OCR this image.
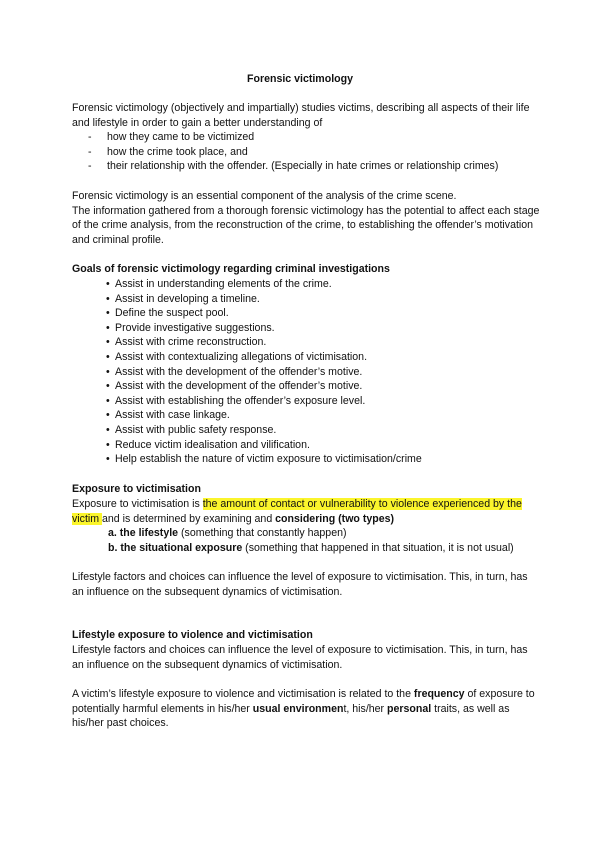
Forensic victimology

Forensic victimology (objectively and impartially) studies victims, describing all aspects of their life and lifestyle in order to gain a better understanding of

- how they came to be victimized
- how the crime took place, and
- their relationship with the offender. (Especially in hate crimes or relationship crimes)
Forensic victimology is an essential component of the analysis of the crime scene.
The information gathered from a thorough forensic victimology has the potential to affect each stage of the crime analysis, from the reconstruction of the crime, to establishing the offender’s motivation and criminal profile.
Goals of forensic victimology regarding criminal investigations
• Assist in understanding elements of the crime.
• Assist in developing a timeline.
• Define the suspect pool.
• Provide investigative suggestions.
• Assist with crime reconstruction.
• Assist with contextualizing allegations of victimisation.
• Assist with the development of the offender’s motive.
• Assist with the development of the offender’s motive.
• Assist with establishing the offender’s exposure level.
• Assist with case linkage.
• Assist with public safety response.
• Reduce victim idealisation and vilification.
• Help establish the nature of victim exposure to victimisation/crime
Exposure to victimisation
Exposure to victimisation is the amount of contact or vulnerability to violence experienced by the victim and is determined by examining and considering (two types)
a. the lifestyle (something that constantly happen)
b. the situational exposure (something that happened in that situation, it is not usual)
Lifestyle factors and choices can influence the level of exposure to victimisation. This, in turn, has an influence on the subsequent dynamics of victimisation.
Lifestyle exposure to violence and victimisation
Lifestyle factors and choices can influence the level of exposure to victimisation. This, in turn, has an influence on the subsequent dynamics of victimisation.
A victim’s lifestyle exposure to violence and victimisation is related to the frequency of exposure to potentially harmful elements in his/her usual environment, his/her personal traits, as well as his/her past choices.
